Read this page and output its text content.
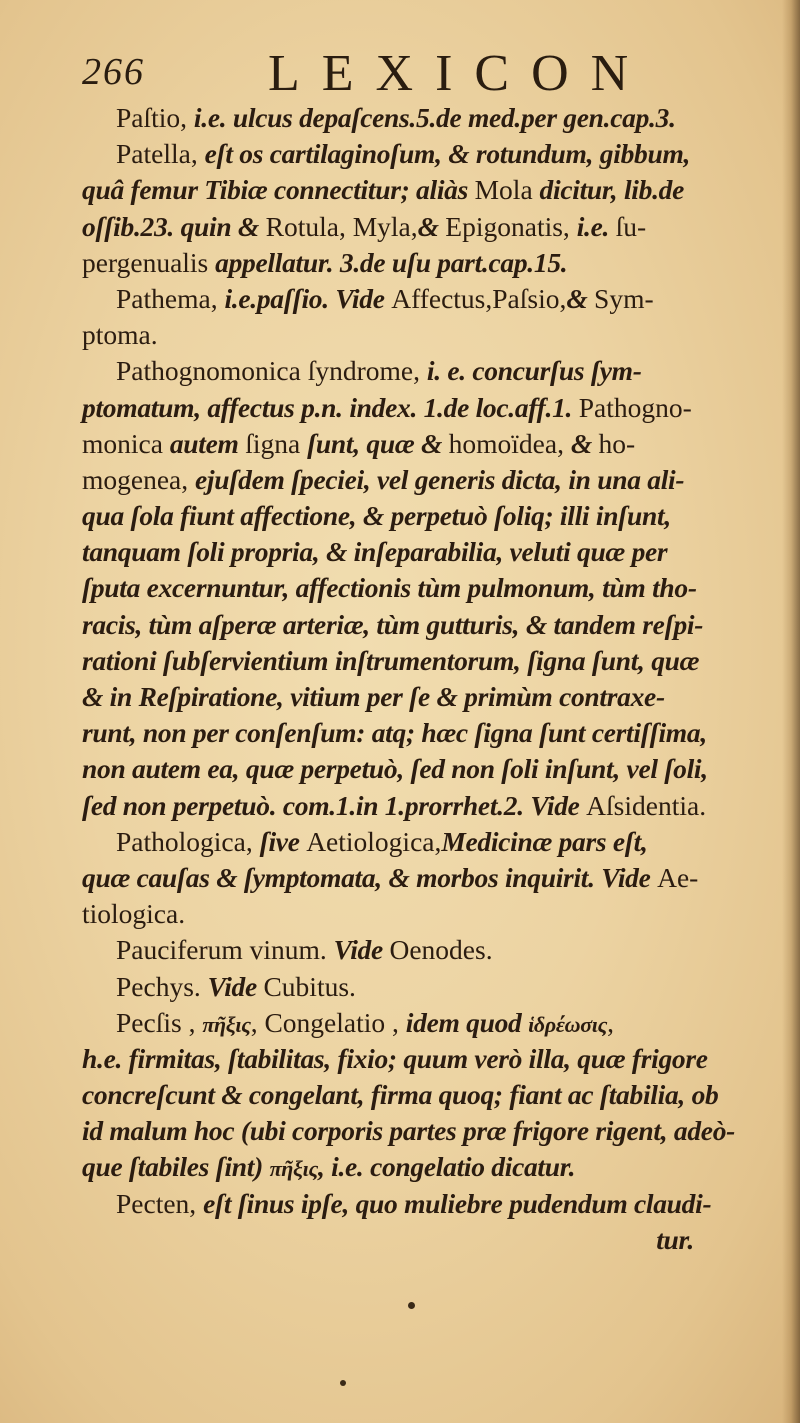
266 LEXICON
Paſtio, i.e. ulcus depaſcens.5.de med.per gen.cap.3.
Patella, eſt os cartilaginoſum, & rotundum, gibbum,
quâ femur Tibiæ connectitur; aliàs Mola dicitur, lib.de
oſſib.23. quin & Rotula, Myla,& Epigonatis, i.e. ſu-
pergenualis appellatur. 3.de uſu part.cap.15.
Pathema, i.e.paſſio. Vide Affectus,Paſsio,& Sym-
ptoma.
Pathognomonica ſyndrome, i. e. concurſus ſym-
ptomatum, affectus p.n. index. 1.de loc.aff.1. Pathogno-
monica autem ſigna ſunt, quæ & homoïdea, & ho-
mogenea, ejuſdem ſpeciei, vel generis dicta, in una ali-
qua ſola fiunt affectione, & perpetuò ſoliq; illi inſunt,
tanquam ſoli propria, & inſeparabilia, veluti quæ per
ſputa excernuntur, affectionis tùm pulmonum, tùm tho-
racis, tùm aſperæ arteriæ, tùm gutturis, & tandem reſpi-
rationi ſubſervientium inſtrumentorum, ſigna ſunt, quæ
& in Reſpiratione, vitium per ſe & primùm contraxe-
runt, non per conſenſum: atq; hæc ſigna ſunt certiſſima,
non autem ea, quæ perpetuò, ſed non ſoli inſunt, vel ſoli,
ſed non perpetuò. com.1.in 1.prorrhet.2. Vide Aſsidentia.
Pathologica, ſive Aetiologica,Medicinæ pars eſt,
quæ cauſas & ſymptomata, & morbos inquirit. Vide Ae-
tiologica.
Pauciferum vinum. Vide Oenodes.
Pechys. Vide Cubitus.
Pecſis , πῆξις, Congelatio , idem quod ἱδρέωσις,
h.e. firmitas, ſtabilitas, fixio; quum verò illa, quæ frigore
concreſcunt & congelant, firma quoq; fiant ac ſtabilia, ob
id malum hoc (ubi corporis partes præ frigore rigent, adeò-
que ſtabiles ſint) πῆξις, i.e. congelatio dicatur.
Pecten, eſt ſinus ipſe, quo muliebre pudendum claudi-
tur.
